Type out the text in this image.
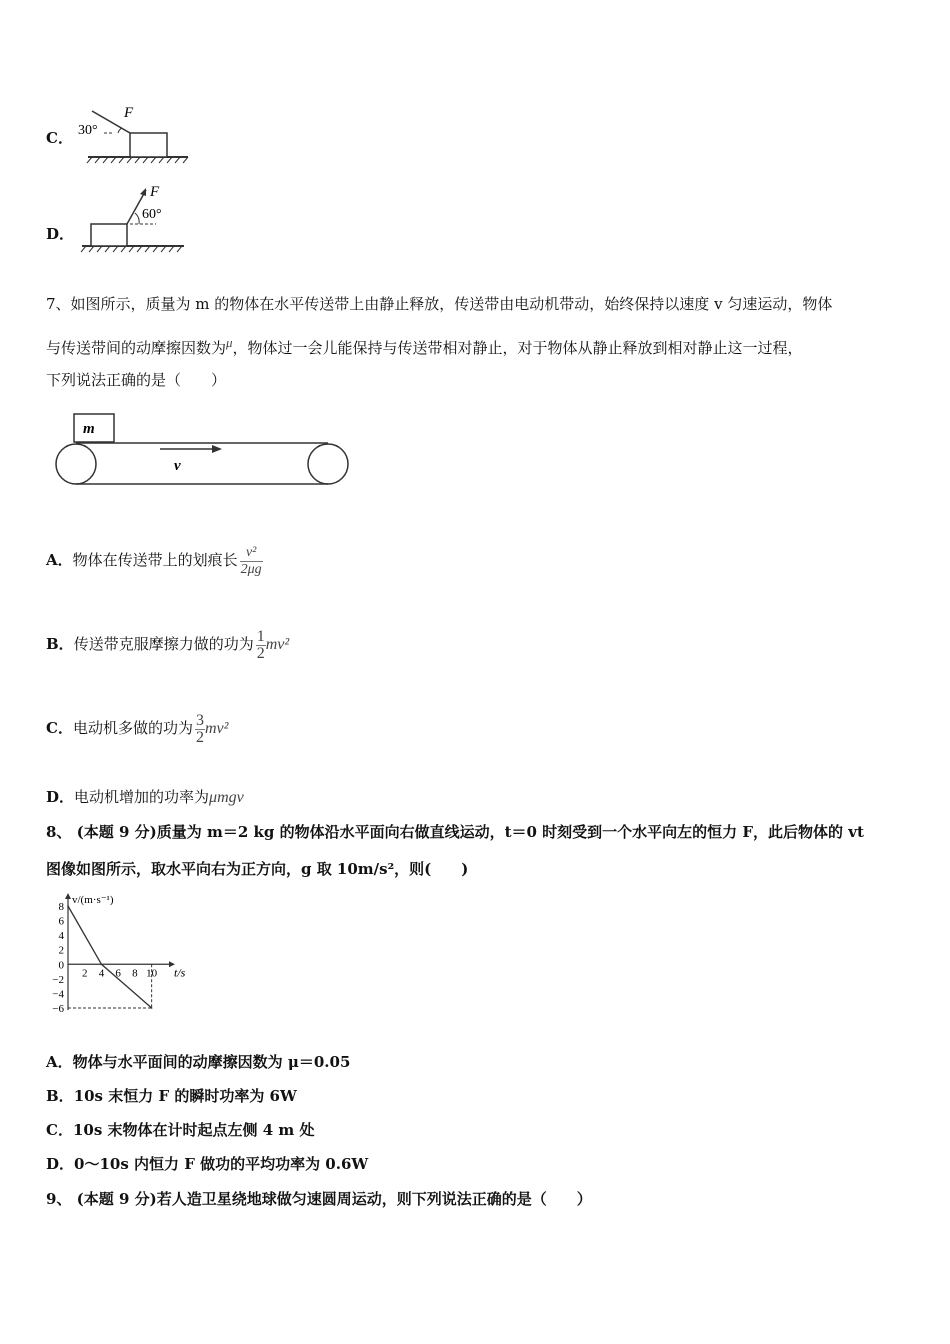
C． 30°
F
D．
60°
F
7、如图所示，质量为 m 的物体在水平传送带上由静止释放，传送带由电动机带动，始终保持以速度 v 匀速运动，物体
与传送带间的动摩擦因数为μ，物体过一会儿能保持与传送带相对静止，对于物体从静止释放到相对静止这一过程，
下列说法正确的是（　　）
m
v
A．物体在传送带上的划痕长 $\frac{\text{v²}}{2\mu g}$
B．传送带克服摩擦力做的功为 $\frac{1}{2} mv^2$
C．电动机多做的功为 $\frac{3}{2} mv^2$
D．电动机增加的功率为μmgv
8、 (本题 9 分)质量为 m＝2 kg 的物体沿水平面向右做直线运动，t＝0 时刻受到一个水平向左的恒力 F，此后物体的 vt
图像如图所示，取水平向右为正方向，g 取 10m/s²，则(　　)
v/(m·s⁻¹)
t/s
8
6
4
2
0
−2
−4
−6
2 4 6 8 10
A．物体与水平面间的动摩擦因数为 μ＝0.05
B．10s 末恒力 F 的瞬时功率为 6W
C．10s 末物体在计时起点左侧 4 m 处
D．0～10s 内恒力 F 做功的平均功率为 0.6W
9、 (本题 9 分)若人造卫星绕地球做匀速圆周运动，则下列说法正确的是（　　）
